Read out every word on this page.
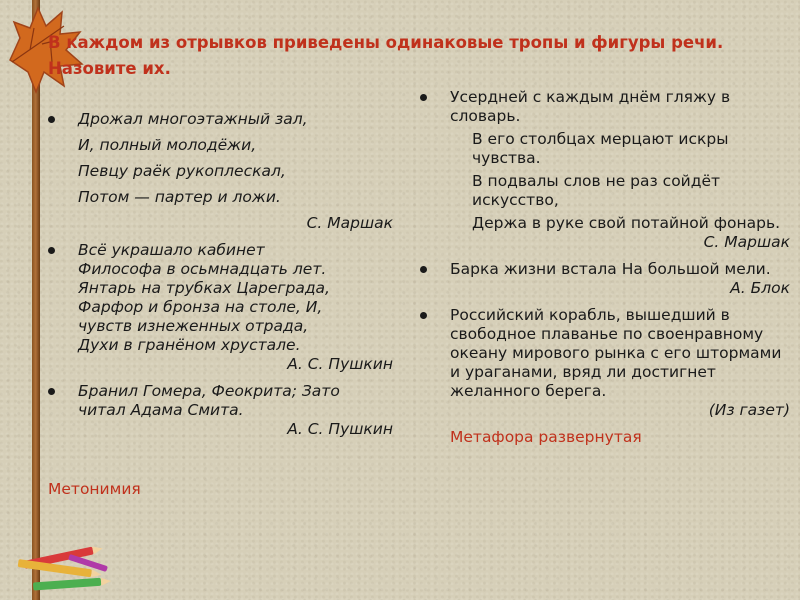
В каждом из отрывков приведены одинаковые тропы и фигуры речи.
Назовите их.
Дрожал многоэтажный зал,
И, полный молодёжи,
Певцу раёк рукоплескал,
Потом — партер и ложи.
С. Маршак
Всё украшало кабинет
Философа в осьмнадцать лет.
Янтарь на трубках Цареграда,
Фарфор и бронза на столе, И,
чувств изнеженных отрада,
Духи в гранёном хрустале.
А. С. Пушкин
Бранил Гомера, Феокрита; Зато
читал Адама Смита.
А. С. Пушкин
Метонимия
Усердней с каждым днём гляжу в словарь.
В его столбцах мерцают искры чувства.
В подвалы слов не раз сойдёт искусство,
Держа в руке свой потайной фонарь.
С. Маршак
Барка жизни встала На большой мели.
А. Блок
Российский корабль, вышедший в свободное плаванье по своенравному океану мирового рынка с его штормами и ураганами, вряд ли достигнет желанного берега.
(Из газет)
Метафора развернутая
